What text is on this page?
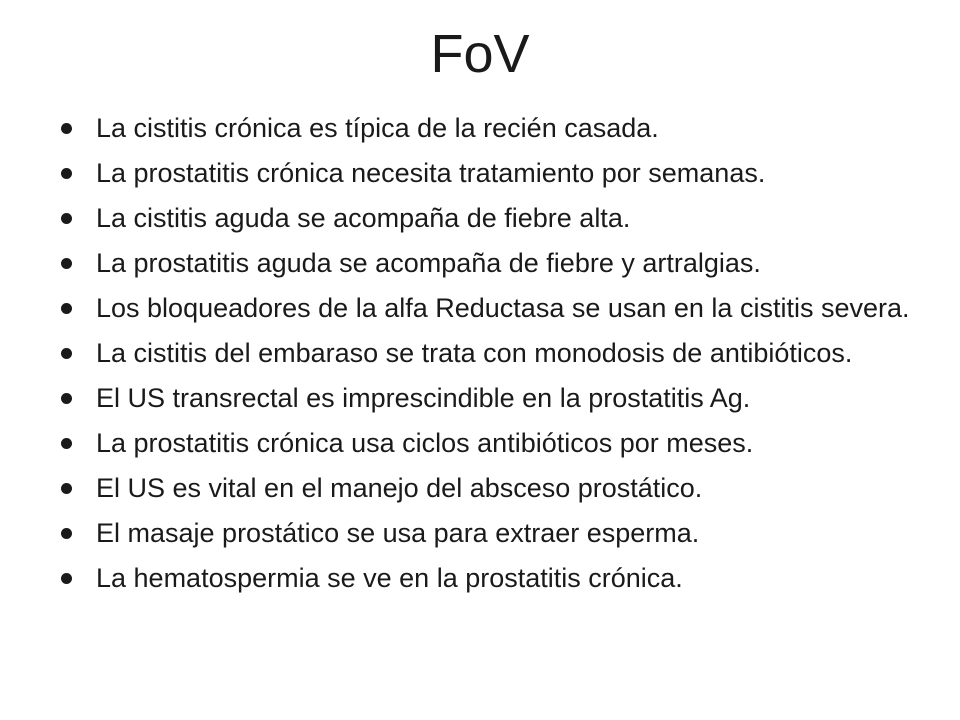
FoV
La cistitis crónica es típica de la recién casada.
La prostatitis crónica necesita tratamiento por semanas.
La cistitis aguda se acompaña de fiebre alta.
La prostatitis aguda se acompaña de fiebre y artralgias.
Los bloqueadores de la alfa Reductasa se usan en la cistitis severa.
La cistitis del embaraso se trata con monodosis de antibióticos.
El US transrectal es imprescindible en la prostatitis Ag.
La prostatitis crónica usa ciclos antibióticos por meses.
El US es vital en el manejo del absceso prostático.
El masaje prostático se usa para extraer esperma.
La hematospermia se ve en la prostatitis crónica.
